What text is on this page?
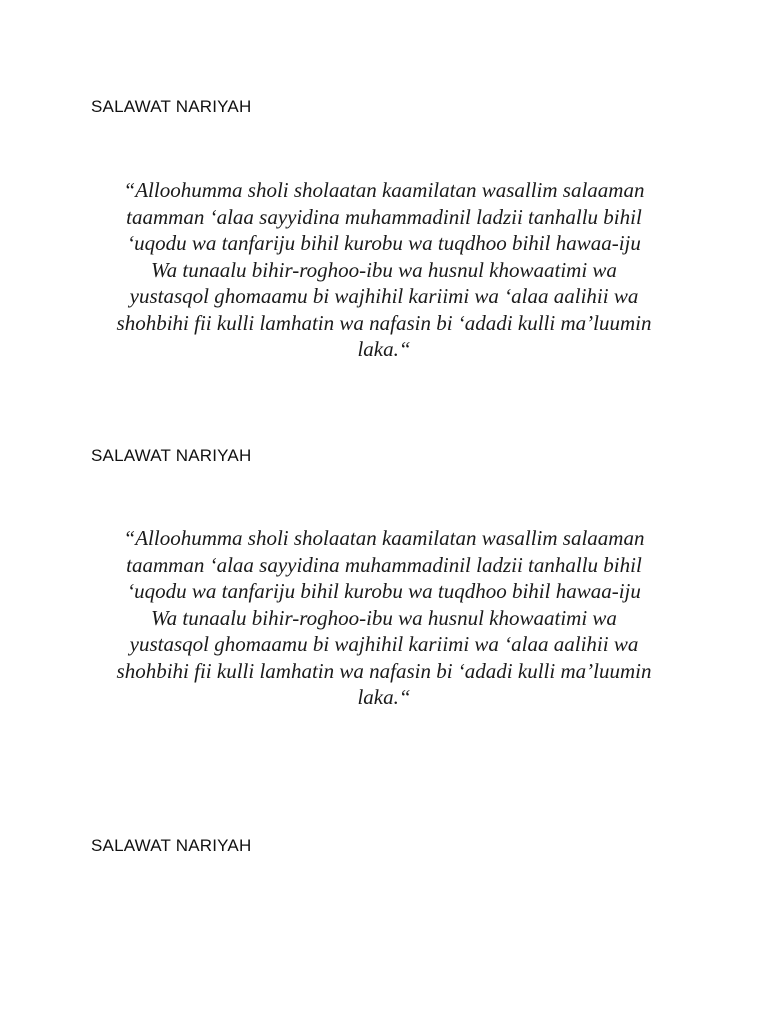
SALAWAT NARIYAH

“Alloohumma sholi sholaatan kaamilatan wasallim salaaman
taamman ‘alaa sayyidina muhammadinil ladzii tanhallu bihil
‘uqodu wa tanfariju bihil kurobu wa tuqdhoo bihil hawaa-iju
Wa tunaalu bihir-roghoo-ibu wa husnul khowaatimi wa
yustasqol ghomaamu bi wajhihil kariimi wa ‘alaa aalihii wa
shohbihi fii kulli lamhatin wa nafasin bi ‘adadi kulli ma’luumin
laka.“

SALAWAT NARIYAH

“Alloohumma sholi sholaatan kaamilatan wasallim salaaman
taamman ‘alaa sayyidina muhammadinil ladzii tanhallu bihil
‘uqodu wa tanfariju bihil kurobu wa tuqdhoo bihil hawaa-iju
Wa tunaalu bihir-roghoo-ibu wa husnul khowaatimi wa
yustasqol ghomaamu bi wajhihil kariimi wa ‘alaa aalihii wa
shohbihi fii kulli lamhatin wa nafasin bi ‘adadi kulli ma’luumin
laka.“

SALAWAT NARIYAH
